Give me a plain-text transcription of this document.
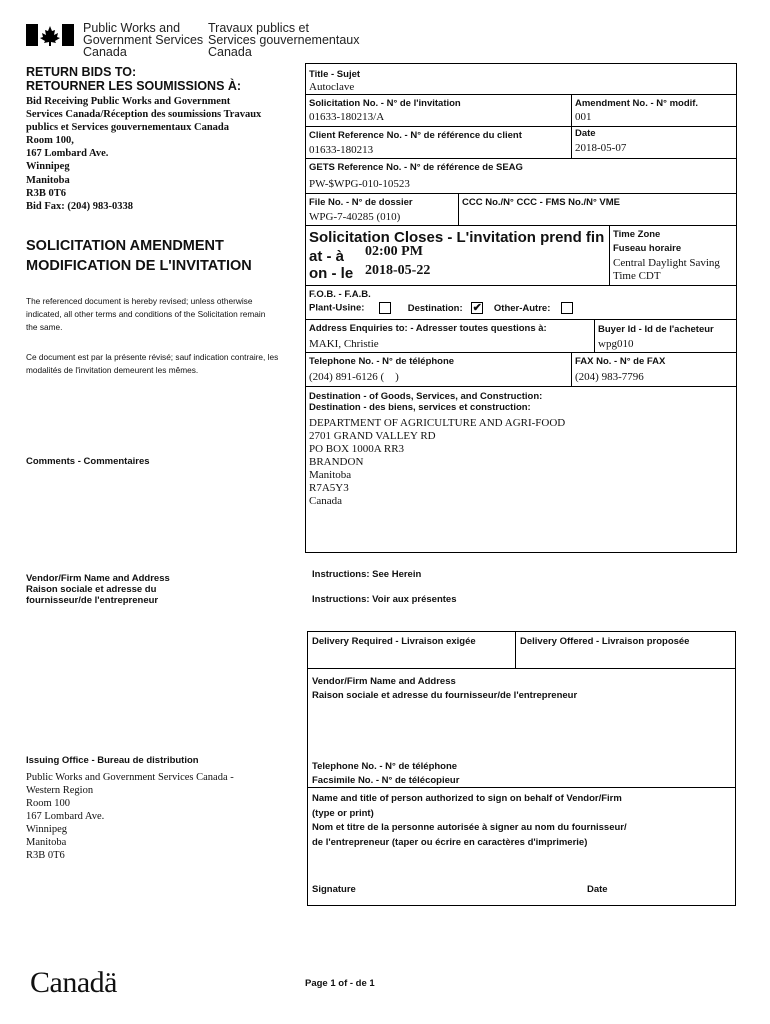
Public Works and
Government Services
Canada
Travaux publics et
Services gouvernementaux
Canada
RETURN BIDS TO:
RETOURNER LES SOUMISSIONS À:
Bid Receiving Public Works and Government
Services Canada/Réception des soumissions Travaux
publics et Services gouvernementaux Canada
Room 100,
167 Lombard Ave.
Winnipeg
Manitoba
R3B 0T6
Bid Fax: (204) 983-0338
SOLICITATION AMENDMENT
MODIFICATION DE L'INVITATION
The referenced document is hereby revised; unless otherwise indicated, all other terms and conditions of the Solicitation remain the same.
Ce document est par la présente révisé; sauf indication contraire, les modalités de l'invitation demeurent les mêmes.
Comments - Commentaires
Vendor/Firm Name and Address
Raison sociale et adresse du
fournisseur/de l'entrepreneur
Issuing Office - Bureau de distribution
Public Works and Government Services Canada -
Western Region
Room 100
167 Lombard Ave.
Winnipeg
Manitoba
R3B 0T6
Title - Sujet
Autoclave
Solicitation No. - N° de l'invitation
01633-180213/A
Amendment No. - N° modif.
001
Client Reference No. - N° de référence du client
01633-180213
Date
2018-05-07
GETS Reference No. - N° de référence de SEAG
PW-$WPG-010-10523
File No. - N° de dossier
WPG-7-40285 (010)
CCC No./N° CCC - FMS No./N° VME
Solicitation Closes - L'invitation prend fin
at - à 02:00 PM
on - le 2018-05-22
Time Zone
Fuseau horaire
Central Daylight Saving
Time CDT
F.O.B. - F.A.B.
Plant-Usine:	Destination: ✔ Other-Autre:
Address Enquiries to: - Adresser toutes questions à:
MAKI, Christie
Buyer Id - Id de l'acheteur
wpg010
Telephone No. - N° de téléphone
(204) 891-6126 (    )
FAX No. - N° de FAX
(204) 983-7796
Destination - of Goods, Services, and Construction:
Destination - des biens, services et construction:
DEPARTMENT OF AGRICULTURE AND AGRI-FOOD
2701 GRAND VALLEY RD
PO BOX 1000A RR3
BRANDON
Manitoba
R7A5Y3
Canada
Instructions: See Herein
Instructions: Voir aux présentes
Delivery Required - Livraison exigée	Delivery Offered - Livraison proposée
Vendor/Firm Name and Address
Raison sociale et adresse du fournisseur/de l'entrepreneur
Telephone No. - N° de téléphone
Facsimile No. - N° de télécopieur
Name and title of person authorized to sign on behalf of Vendor/Firm
(type or print)
Nom et titre de la personne autorisée à signer au nom du fournisseur/
de l'entrepreneur (taper ou écrire en caractères d'imprimerie)
Signature	Date
Canadä	Page 1 of - de 1
